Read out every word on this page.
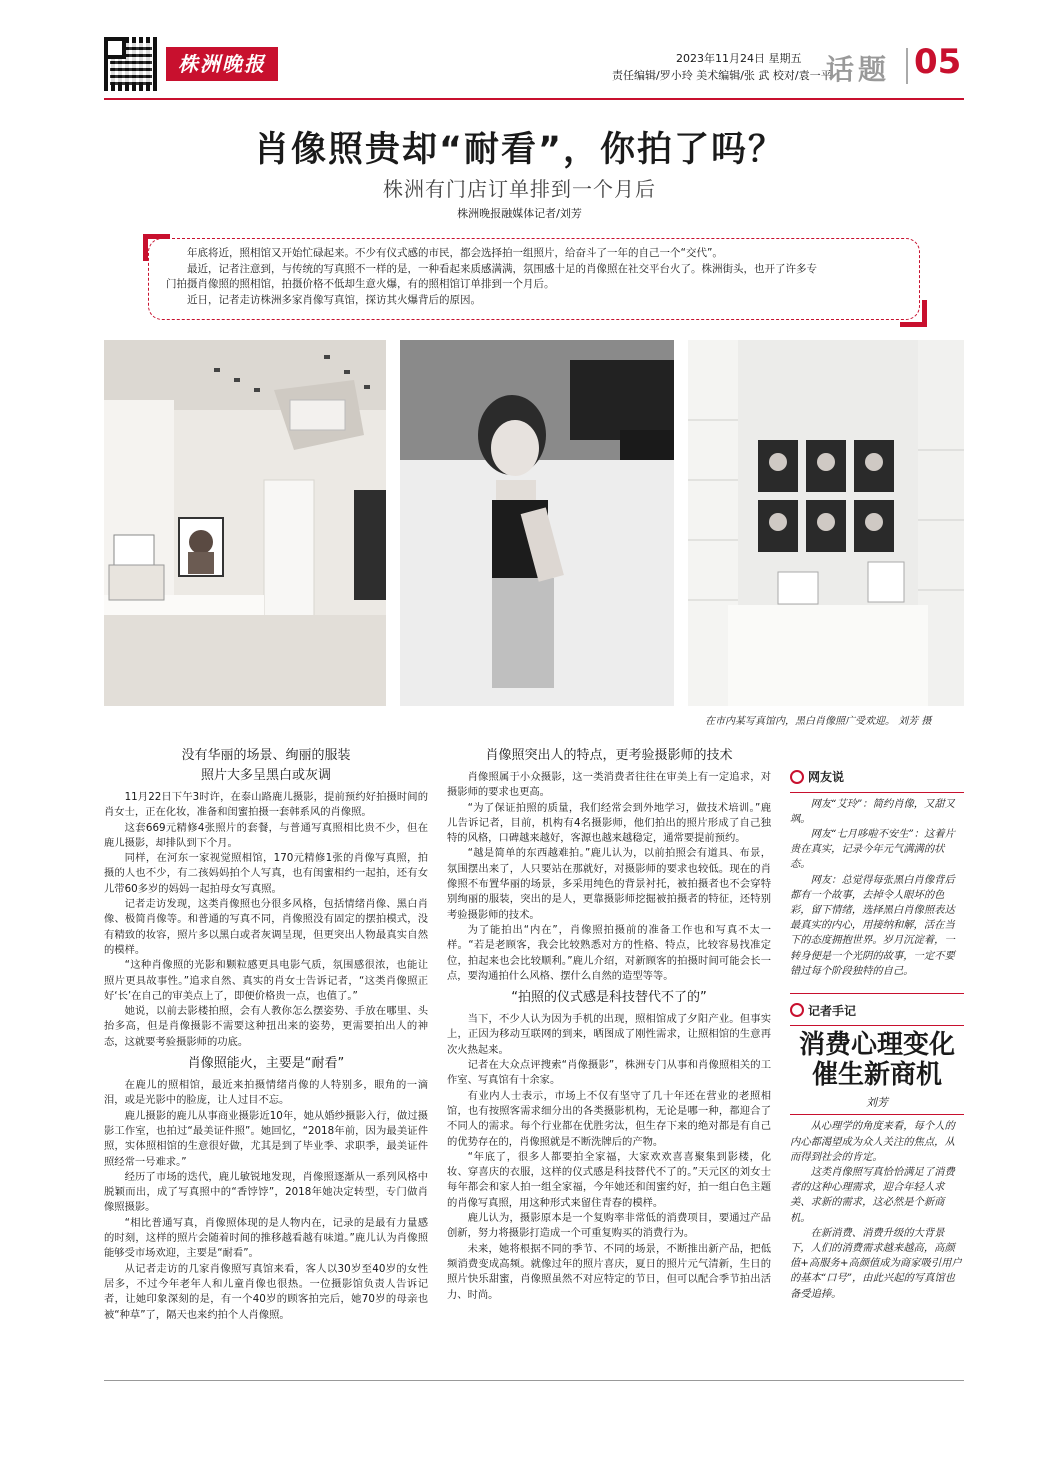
株洲晚报	2023年11月24日 星期五
责任编辑/罗小玲 美术编辑/张 武 校对/袁一平
话题 05
肖像照贵却“耐看”，你拍了吗？
株洲有门店订单排到一个月后
株洲晚报融媒体记者/刘芳

年底将近，照相馆又开始忙碌起来。不少有仪式感的市民，都会选择拍一组照片，给奋斗了一年的自己一个“交代”。

最近，记者注意到，与传统的写真照不一样的是，一种看起来质感满满，氛围感十足的肖像照在社交平台火了。株洲街头，也开了许多专

门拍摄肖像照的照相馆，拍摄价格不低却生意火爆，有的照相馆订单排到一个月后。

近日，记者走访株洲多家肖像写真馆，探访其火爆背后的原因。

在市内某写真馆内，黑白肖像照广受欢迎。 刘芳 摄
没有华丽的场景、绚丽的服装
照片大多呈黑白或灰调

11月22日下午3时许，在泰山路鹿儿摄影，提前预约好拍摄时间的肖女士，正在化妆，准备和闺蜜拍摄一套韩系风的肖像照。

这套669元精修4张照片的套餐，与普通写真照相比贵不少，但在鹿儿摄影，却排队到下个月。

同样，在河东一家视觉照相馆，170元精修1张的肖像写真照，拍摄的人也不少，有二孩妈妈拍个人写真，也有闺蜜相约一起拍，还有女儿带60多岁的妈妈一起拍母女写真照。

记者走访发现，这类肖像照也分很多风格，包括情绪肖像、黑白肖像、极简肖像等。和普通的写真不同，肖像照没有固定的摆拍模式，没有精致的妆容，照片多以黑白或者灰调呈现，但更突出人物最真实自然的模样。

“这种肖像照的光影和颗粒感更具电影气质，氛围感很浓，也能让照片更具故事性。”追求自然、真实的肖女士告诉记者，“这类肖像照正好‘长’在自己的审美点上了，即便价格贵一点，也值了。”

她说，以前去影楼拍照，会有人教你怎么摆姿势、手放在哪里、头抬多高，但是肖像摄影不需要这种扭出来的姿势，更需要拍出人的神态，这就要考验摄影师的功底。

肖像照能火，主要是“耐看”

在鹿儿的照相馆，最近来拍摄情绪肖像的人特别多，眼角的一滴泪，或是光影中的脸庞，让人过目不忘。

鹿儿摄影的鹿儿从事商业摄影近10年，她从婚纱摄影入行，做过摄影工作室，也拍过“最美证件照”。她回忆，“2018年前，因为最美证件照，实体照相馆的生意很好做，尤其是到了毕业季、求职季，最美证件照经常一号难求。”

经历了市场的迭代，鹿儿敏锐地发现，肖像照逐渐从一系列风格中脱颖而出，成了写真照中的“香饽饽”，2018年她决定转型，专门做肖像照摄影。

“相比普通写真，肖像照体现的是人物内在，记录的是最有力量感的时刻，这样的照片会随着时间的推移越看越有味道。”鹿儿认为肖像照能够受市场欢迎，主要是“耐看”。

从记者走访的几家肖像照写真馆来看，客人以30岁至40岁的女性居多，不过今年老年人和儿童肖像也很热。一位摄影馆负责人告诉记者，让她印象深刻的是，有一个40岁的顾客拍完后，她70岁的母亲也被“种草”了，隔天也来约拍个人肖像照。

肖像照突出人的特点，更考验摄影师的技术

肖像照属于小众摄影，这一类消费者往往在审美上有一定追求，对摄影师的要求也更高。

“为了保证拍照的质量，我们经常会到外地学习，做技术培训。”鹿儿告诉记者，目前，机构有4名摄影师，他们拍出的照片形成了自己独特的风格，口碑越来越好，客源也越来越稳定，通常要提前预约。

“越是简单的东西越难拍。”鹿儿认为，以前拍照会有道具、布景，氛围摆出来了，人只要站在那就好，对摄影师的要求也较低。现在的肖像照不布置华丽的场景，多采用纯色的背景衬托，被拍摄者也不会穿特别绚丽的服装，突出的是人，更靠摄影师挖掘被拍摄者的特征，还特别考验摄影师的技术。

为了能拍出“内在”，肖像照拍摄前的准备工作也和写真不太一样。“若是老顾客，我会比较熟悉对方的性格、特点，比较容易找准定位，拍起来也会比较顺利。”鹿儿介绍，对新顾客的拍摄时间可能会长一点，要沟通拍什么风格、摆什么自然的造型等等。

“拍照的仪式感是科技替代不了的”

当下，不少人认为因为手机的出现，照相馆成了夕阳产业。但事实上，正因为移动互联网的到来，晒图成了刚性需求，让照相馆的生意再次火热起来。

记者在大众点评搜索“肖像摄影”，株洲专门从事和肖像照相关的工作室、写真馆有十余家。

有业内人士表示，市场上不仅有坚守了几十年还在营业的老照相馆，也有按照客需求细分出的各类摄影机构，无论是哪一种，都迎合了不同人的需求。每个行业都在优胜劣汰，但生存下来的绝对都是有自己的优势存在的，肖像照就是不断洗牌后的产物。

“年底了，很多人都要拍全家福，大家欢欢喜喜聚集到影楼，化妆、穿喜庆的衣服，这样的仪式感是科技替代不了的。”天元区的刘女士每年都会和家人拍一组全家福，今年她还和闺蜜约好，拍一组白色主题的肖像写真照，用这种形式来留住青春的模样。

鹿儿认为，摄影原本是一个复购率非常低的消费项目，要通过产品创新，努力将摄影打造成一个可重复购买的消费行为。

未来，她将根据不同的季节、不同的场景，不断推出新产品，把低频消费变成高频。就像过年的照片喜庆，夏日的照片元气清新，生日的照片快乐甜蜜，肖像照虽然不对应特定的节日，但可以配合季节拍出活力、时尚。

网友说

网友“艾玲”：简约肖像，又甜又飒。

网友“七月哆啦不安生”：这着片贵在真实，记录今年元气满满的状态。

网友：总觉得每张黑白肖像背后都有一个故事，去掉令人眼坏的色彩，留下情绪，选择黑白肖像照表达最真实的内心，用接纳和解，活在当下的态度拥抱世界。岁月沉淀着，一转身便是一个光阴的故事，一定不要错过每个阶段独特的自己。

记者手记
消费心理变化
催生新商机
刘芳

从心理学的角度来看，每个人的内心都渴望成为众人关注的焦点，从而得到社会的肯定。

这类肖像照写真恰恰满足了消费者的这种心理需求，迎合年轻人求美、求新的需求，这必然是个新商机。

在新消费、消费升级的大背景下，人们的消费需求越来越高，高颜值+高服务+高颜值成为商家吸引用户的基本“口号”，由此兴起的写真馆也备受追捧。
